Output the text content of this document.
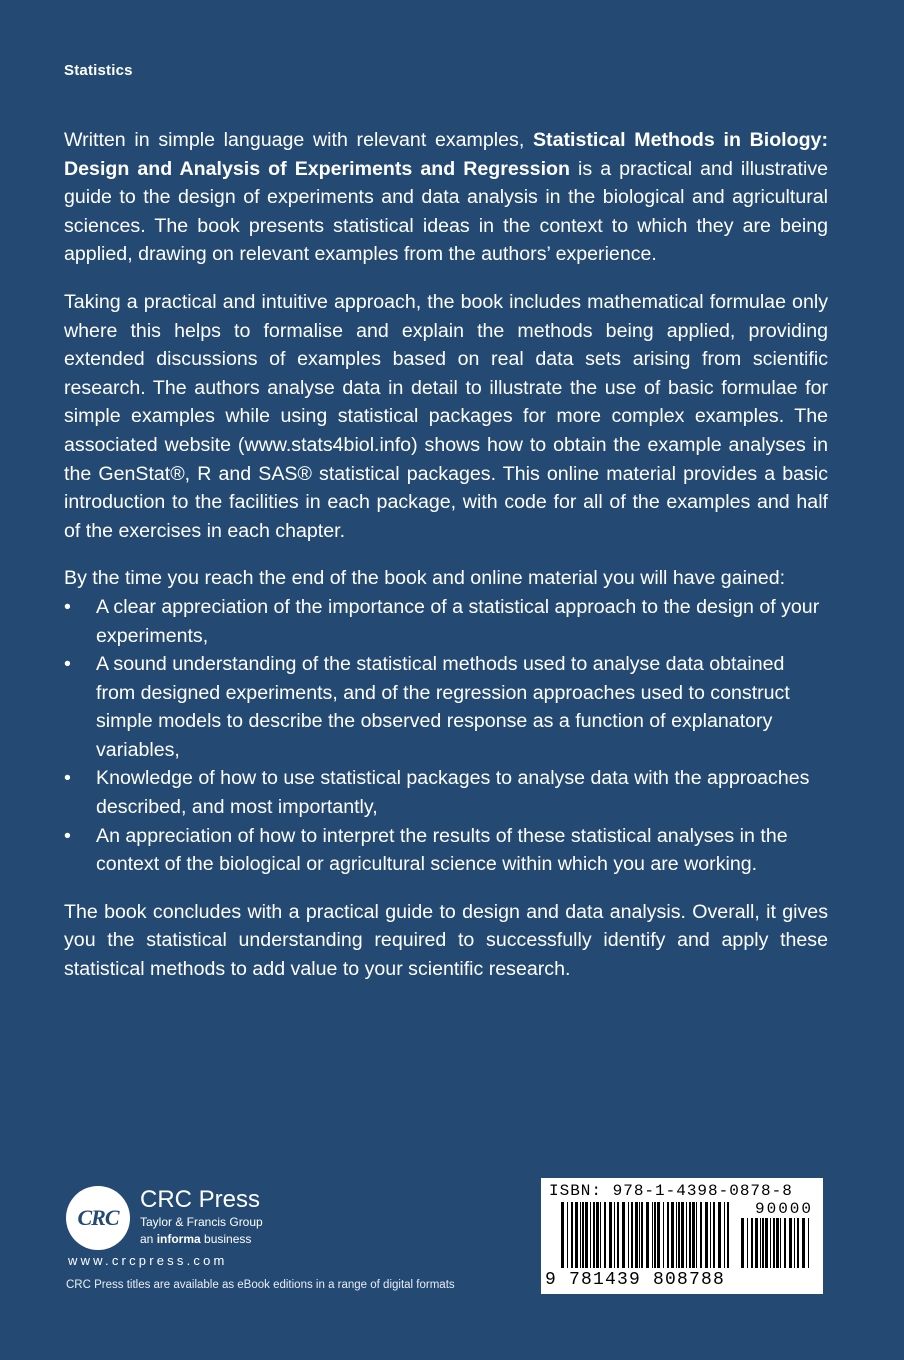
Statistics

Written in simple language with relevant examples, Statistical Methods in Biology: Design and Analysis of Experiments and Regression is a practical and illustrative guide to the design of experiments and data analysis in the biological and agricultural sciences. The book presents statistical ideas in the context to which they are being applied, drawing on relevant examples from the authors’ experience.

Taking a practical and intuitive approach, the book includes mathematical formulae only where this helps to formalise and explain the methods being applied, providing extended discussions of examples based on real data sets arising from scientific research. The authors analyse data in detail to illustrate the use of basic formulae for simple examples while using statistical packages for more complex examples. The associated website (www.stats4biol.info) shows how to obtain the example analyses in the GenStat®, R and SAS® statistical packages. This online material provides a basic introduction to the facilities in each package, with code for all of the examples and half of the exercises in each chapter.

By the time you reach the end of the book and online material you will have gained:

• A clear appreciation of the importance of a statistical approach to the design of your experiments,
• A sound understanding of the statistical methods used to analyse data obtained from designed experiments, and of the regression approaches used to construct simple models to describe the observed response as a function of explanatory variables,
• Knowledge of how to use statistical packages to analyse data with the approaches described, and most importantly,
• An appreciation of how to interpret the results of these statistical analyses in the context of the biological or agricultural science within which you are working.

The book concludes with a practical guide to design and data analysis. Overall, it gives you the statistical understanding required to successfully identify and apply these statistical methods to add value to your scientific research.

CRC
CRC Press
Taylor & Francis Group
an informa business
www.crcpress.com
CRC Press titles are available as eBook editions in a range of digital formats
ISBN: 978-1-4398-0878-8
90000
9 781439 808788
